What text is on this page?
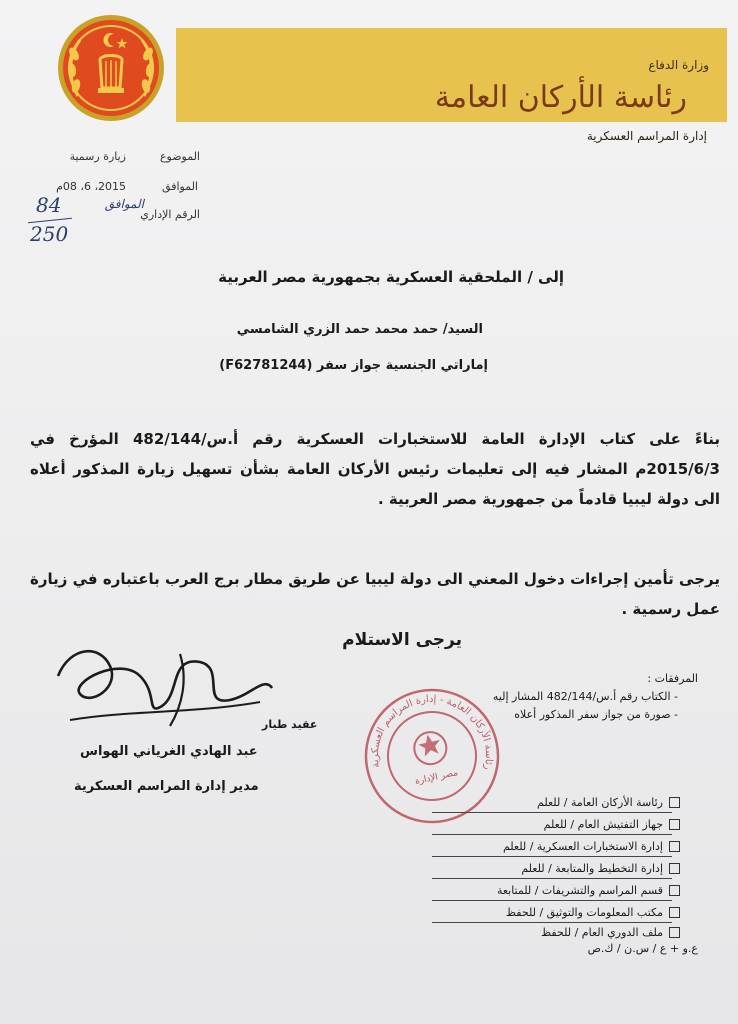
وزارة الدفاع
رئاسة الأركان العامة
إدارة المراسم العسكرية
الموضوع
زيارة رسمية
الموافق
2015، 6، 08م
الرقم الإداري
الموافق
84
250
إلى / الملحقية العسكرية بجمهورية مصر العربية
السيد/ حمد محمد حمد الزري الشامسي
إماراتي الجنسية جواز سفر (F62781244)
بناءً على كتاب الإدارة العامة للاستخبارات العسكرية رقم أ.س/482/144 المؤرخ في 2015/6/3م المشار فيه إلى تعليمات رئيس الأركان العامة بشأن تسهيل زيارة المذكور أعلاه الى دولة ليبيا قادماً من جمهورية مصر العربية .
يرجى تأمين إجراءات دخول المعني الى دولة ليبيا عن طريق مطار برج العرب باعتباره في زيارة عمل رسمية .
يرجى الاستلام
المرفقات :
- الكتاب رقم أ.س/482/144 المشار إليه
- صورة من جواز سفر المذكور أعلاه
عقيد طيار
عبد الهادي الغرياني الهواس
مدير إدارة المراسم العسكرية
رئاسة الأركان العامة - إدارة المراسم العسكرية
مصر الإدارة
رئاسة الأركان العامة / للعلم
جهاز التفتيش العام / للعلم
إدارة الاستخبارات العسكرية / للعلم
إدارة التخطيط والمتابعة / للعلم
قسم المراسم والتشريفات / للمتابعة
مكتب المعلومات والتوثيق / للحفظ
ملف الدوري العام / للحفظ
ع.و + ع / س.ن / ك.ص
